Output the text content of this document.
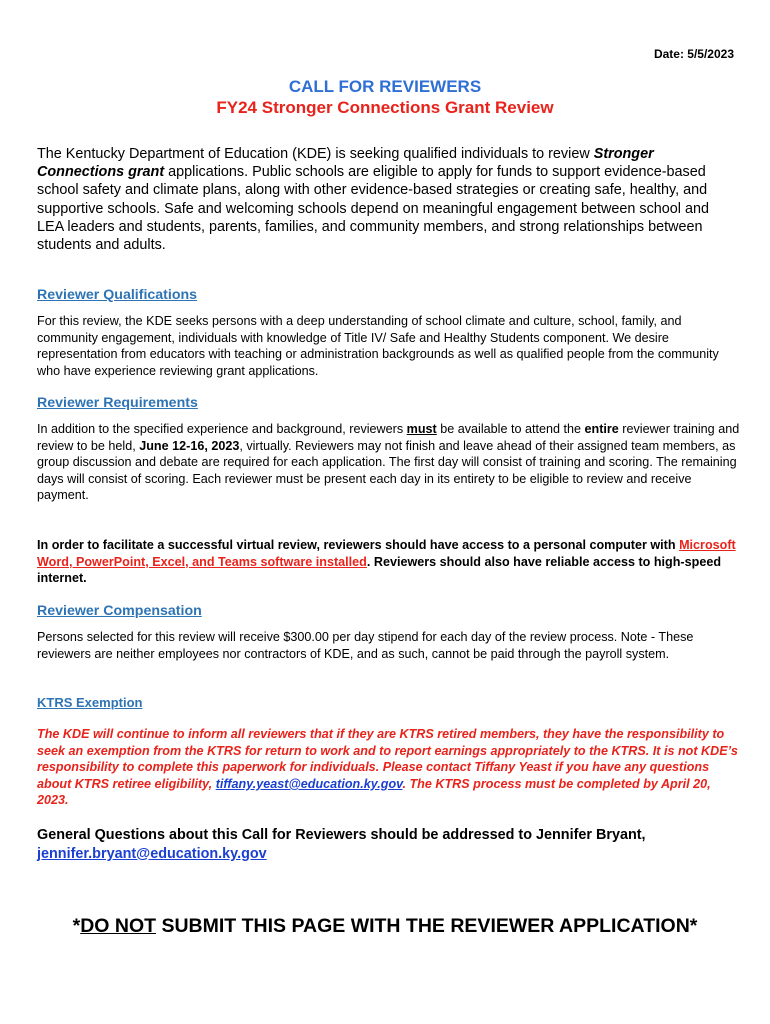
Date: 5/5/2023
CALL FOR REVIEWERS
FY24 Stronger Connections Grant Review
The Kentucky Department of Education (KDE) is seeking qualified individuals to review Stronger Connections grant applications. Public schools are eligible to apply for funds to support evidence-based school safety and climate plans, along with other evidence-based strategies or creating safe, healthy, and supportive schools. Safe and welcoming schools depend on meaningful engagement between school and LEA leaders and students, parents, families, and community members, and strong relationships between students and adults.
Reviewer Qualifications
For this review, the KDE seeks persons with a deep understanding of school climate and culture, school, family, and community engagement, individuals with knowledge of Title IV/ Safe and Healthy Students component. We desire representation from educators with teaching or administration backgrounds as well as qualified people from the community who have experience reviewing grant applications.
Reviewer Requirements
In addition to the specified experience and background, reviewers must be available to attend the entire reviewer training and review to be held, June 12-16, 2023, virtually. Reviewers may not finish and leave ahead of their assigned team members, as group discussion and debate are required for each application. The first day will consist of training and scoring. The remaining days will consist of scoring. Each reviewer must be present each day in its entirety to be eligible to review and receive payment.
In order to facilitate a successful virtual review, reviewers should have access to a personal computer with Microsoft Word, PowerPoint, Excel, and Teams software installed. Reviewers should also have reliable access to high-speed internet.
Reviewer Compensation
Persons selected for this review will receive $300.00 per day stipend for each day of the review process. Note - These reviewers are neither employees nor contractors of KDE, and as such, cannot be paid through the payroll system.
KTRS Exemption
The KDE will continue to inform all reviewers that if they are KTRS retired members, they have the responsibility to seek an exemption from the KTRS for return to work and to report earnings appropriately to the KTRS. It is not KDE’s responsibility to complete this paperwork for individuals. Please contact Tiffany Yeast if you have any questions about KTRS retiree eligibility, tiffany.yeast@education.ky.gov. The KTRS process must be completed by April 20, 2023.
General Questions about this Call for Reviewers should be addressed to Jennifer Bryant,
jennifer.bryant@education.ky.gov
*DO NOT SUBMIT THIS PAGE WITH THE REVIEWER APPLICATION*
